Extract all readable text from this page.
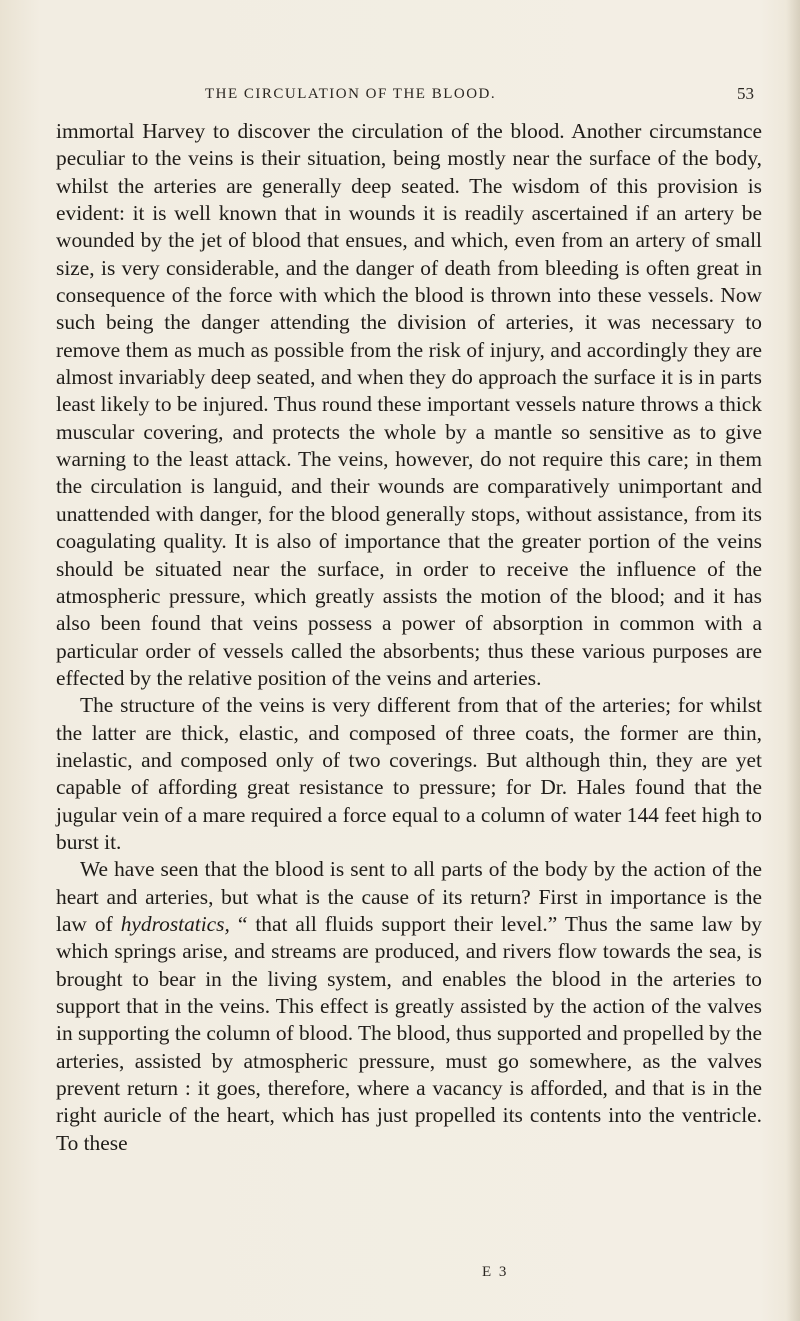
THE CIRCULATION OF THE BLOOD.	53

immortal Harvey to discover the circulation of the blood. Another circumstance peculiar to the veins is their situation, being mostly near the surface of the body, whilst the arteries are generally deep seated. The wisdom of this provision is evident: it is well known that in wounds it is readily ascertained if an artery be wounded by the jet of blood that ensues, and which, even from an artery of small size, is very considerable, and the danger of death from bleeding is often great in consequence of the force with which the blood is thrown into these vessels. Now such being the danger attending the division of arteries, it was necessary to remove them as much as possible from the risk of injury, and accordingly they are almost invariably deep seated, and when they do approach the surface it is in parts least likely to be injured. Thus round these important vessels nature throws a thick muscular covering, and protects the whole by a mantle so sensitive as to give warning to the least attack. The veins, however, do not require this care; in them the circulation is languid, and their wounds are comparatively unimportant and unattended with danger, for the blood generally stops, without assistance, from its coagulating quality. It is also of importance that the greater portion of the veins should be situated near the surface, in order to receive the influence of the atmospheric pressure, which greatly assists the motion of the blood; and it has also been found that veins possess a power of absorption in common with a particular order of vessels called the absorbents; thus these various purposes are effected by the relative position of the veins and arteries.

The structure of the veins is very different from that of the arteries; for whilst the latter are thick, elastic, and composed of three coats, the former are thin, inelastic, and composed only of two coverings. But although thin, they are yet capable of affording great resistance to pressure; for Dr. Hales found that the jugular vein of a mare required a force equal to a column of water 144 feet high to burst it.

We have seen that the blood is sent to all parts of the body by the action of the heart and arteries, but what is the cause of its return? First in importance is the law of hydrostatics, “ that all fluids support their level.” Thus the same law by which springs arise, and streams are produced, and rivers flow towards the sea, is brought to bear in the living system, and enables the blood in the arteries to support that in the veins. This effect is greatly assisted by the action of the valves in supporting the column of blood. The blood, thus supported and propelled by the arteries, assisted by atmospheric pressure, must go somewhere, as the valves prevent return : it goes, therefore, where a vacancy is afforded, and that is in the right auricle of the heart, which has just propelled its contents into the ventricle. To these

E 3
